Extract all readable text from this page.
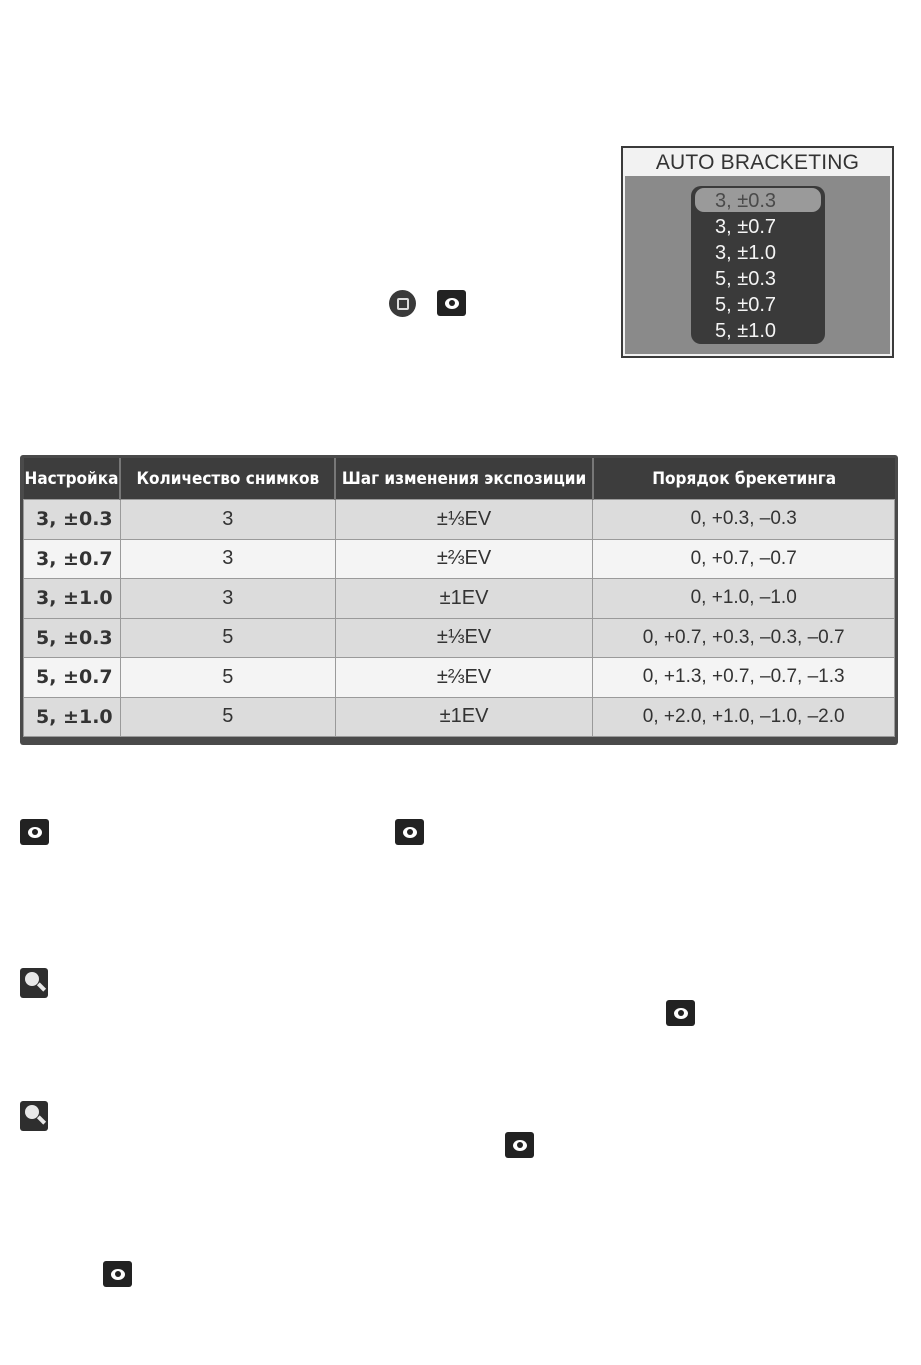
AUTO BRACKETING
3, ±0.3
3, ±0.7
3, ±1.0
5, ±0.3
5, ±0.7
5, ±1.0
Настройка	Количество снимков	Шаг изменения экспозиции	Порядок брекетинга
3, ±0.3	3	±⅓EV	0, +0.3, –0.3
3, ±0.7	3	±⅔EV	0, +0.7, –0.7
3, ±1.0	3	±1EV	0, +1.0, –1.0
5, ±0.3	5	±⅓EV	0, +0.7, +0.3, –0.3, –0.7
5, ±0.7	5	±⅔EV	0, +1.3, +0.7, –0.7, –1.3
5, ±1.0	5	±1EV	0, +2.0, +1.0, –1.0, –2.0
